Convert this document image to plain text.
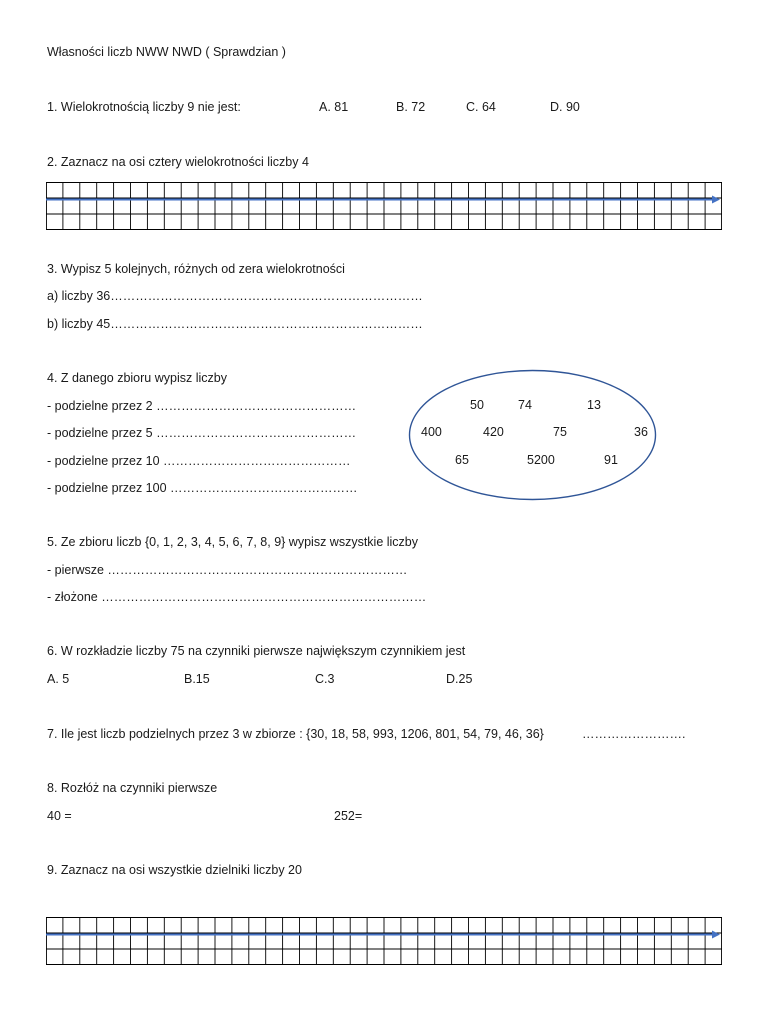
Własności liczb NWW NWD ( Sprawdzian )
1. Wielokrotnością liczby 9 nie jest:	A. 81	B. 72	C. 64	D. 90
2. Zaznacz na osi cztery wielokrotności liczby 4
3. Wypisz 5 kolejnych, różnych od zera wielokrotności
a) liczby 36…………………………………………………………………
b) liczby 45…………………………………………………………………
4. Z danego zbioru wypisz liczby
- podzielne przez 2 …………………………………………
- podzielne przez 5 …………………………………………
- podzielne przez 10 ………………………………………
- podzielne przez 100 ………………………………………
50	74	13
400	420	75	36
65	5200	91
5. Ze zbioru liczb {0, 1, 2, 3, 4, 5, 6, 7, 8, 9} wypisz wszystkie liczby
- pierwsze ………………………………………………………………
- złożone ……………………………………………………………………
6. W rozkładzie liczby 75 na czynniki pierwsze największym czynnikiem jest
A. 5	B.15	C.3	D.25
7. Ile jest liczb podzielnych przez 3 w zbiorze : {30, 18, 58, 993, 1206, 801, 54, 79, 46, 36}	…………………….
8. Rozłóż na czynniki pierwsze
40 =	252=
9. Zaznacz na osi wszystkie dzielniki liczby 20
